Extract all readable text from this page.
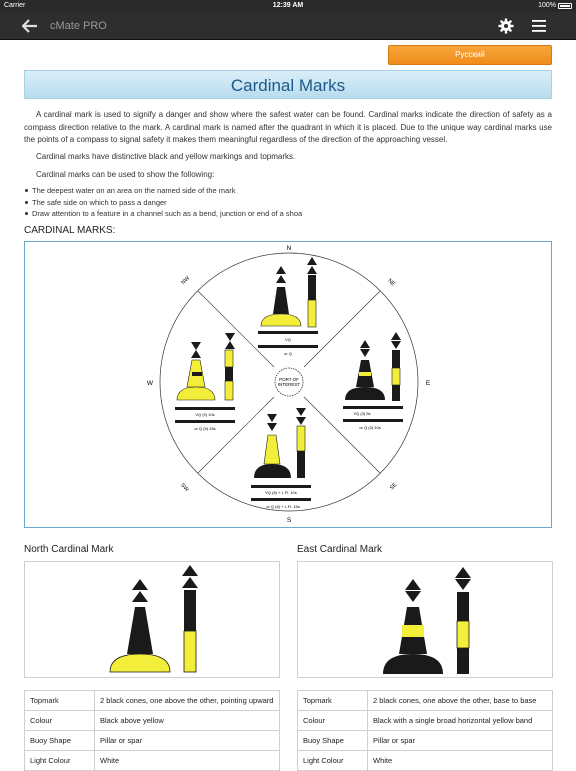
Carrier	12:39 AM	100%
cMate PRO
Русский
Cardinal Marks

A cardinal mark is used to signify a danger and show where the safest water can be found. Cardinal marks indicate the direction of safety as a compass direction relative to the mark. A cardinal mark is named after the quadrant in which it is placed. Due to the unique way cardinal marks use the points of a compass to signal safety it makes them meaningful regardless of the direction of the approaching vessel.

Cardinal marks have distinctive black and yellow markings and topmarks.

Cardinal marks can be used to show the following:

The deepest water on an area on the named side of the mark
The safe side on which to pass a danger
Draw attention to a feature in a channel such as a bend, junction or end of a shoa
CARDINAL MARKS:
PORT OF
INTEREST
N
S
E
W
NE
NW
SE
SW
VQ
or Q
VQ (9) 10s
or Q (9) 15s
VQ (3) 5s
or Q (3) 10s
VQ (6) + L Fl. 10s
or Q (6) + L Fl. 15s
North Cardinal Mark
Topmark	2 black cones, one above the other, pointing upward
Colour	Black above yellow
Buoy Shape	Pillar or spar
Light Colour	White
East Cardinal Mark
Topmark	2 black cones, one above the other, base to base
Colour	Black with a single broad horizontal yellow band
Buoy Shape	Pillar or spar
Light Colour	White
